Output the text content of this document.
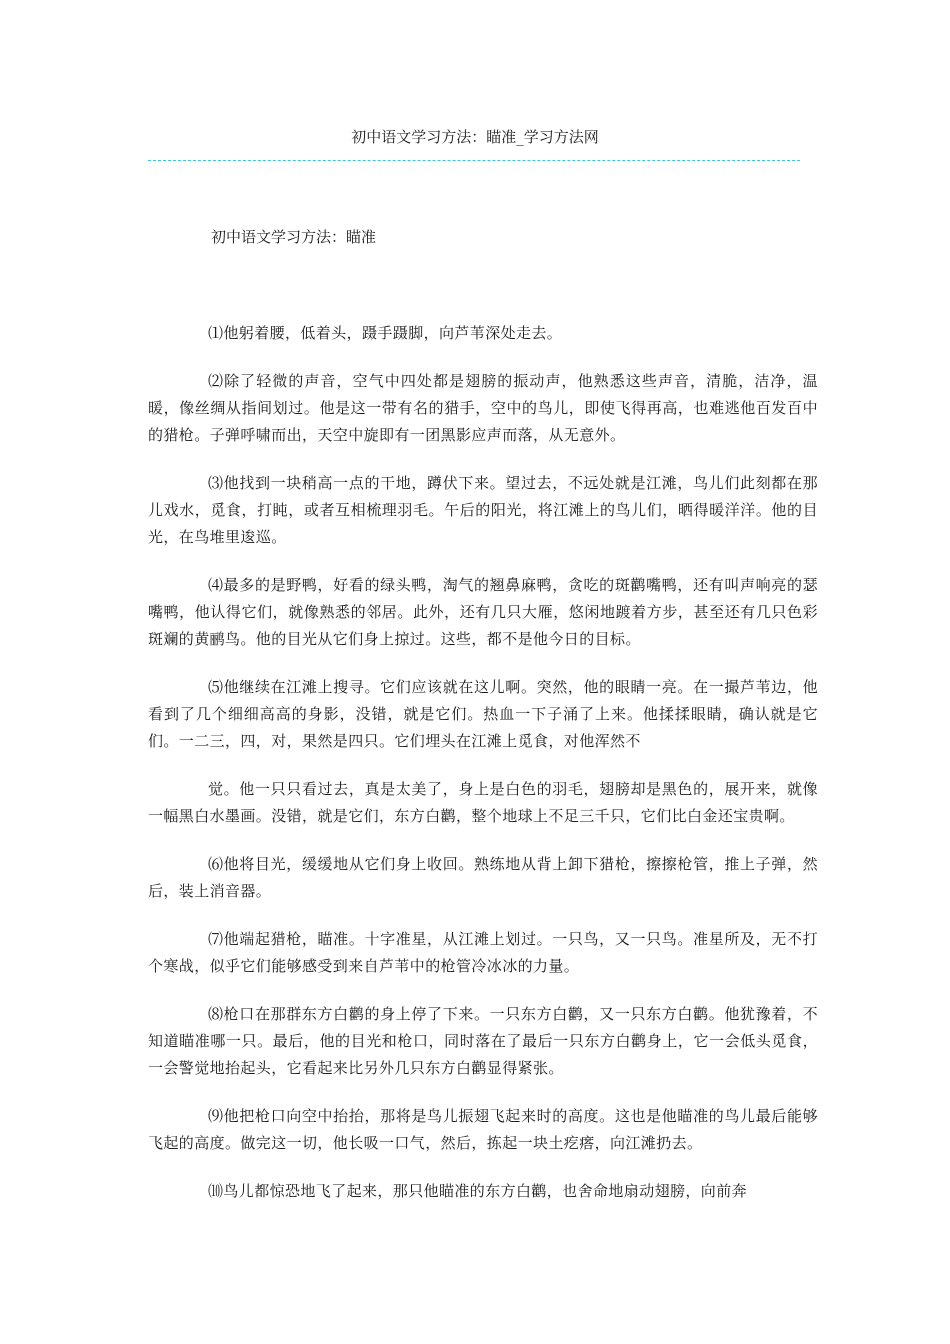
初中语文学习方法：瞄准_学习方法网
初中语文学习方法：瞄准

⑴他躬着腰，低着头，蹑手蹑脚，向芦苇深处走去。

⑵除了轻微的声音，空气中四处都是翅膀的振动声，他熟悉这些声音，清脆，洁净，温暖，像丝绸从指间划过。他是这一带有名的猎手，空中的鸟儿，即使飞得再高，也难逃他百发百中的猎枪。子弹呼啸而出，天空中旋即有一团黑影应声而落，从无意外。

⑶他找到一块稍高一点的干地，蹲伏下来。望过去，不远处就是江滩，鸟儿们此刻都在那儿戏水，觅食，打盹，或者互相梳理羽毛。午后的阳光，将江滩上的鸟儿们，晒得暖洋洋。他的目光，在鸟堆里逡巡。

⑷最多的是野鸭，好看的绿头鸭，淘气的翘鼻麻鸭，贪吃的斑鹳嘴鸭，还有叫声响亮的瑟嘴鸭，他认得它们，就像熟悉的邻居。此外，还有几只大雁，悠闲地踱着方步，甚至还有几只色彩斑斓的黄鹂鸟。他的目光从它们身上掠过。这些，都不是他今日的目标。

⑸他继续在江滩上搜寻。它们应该就在这儿啊。突然，他的眼睛一亮。在一撮芦苇边，他看到了几个细细高高的身影，没错，就是它们。热血一下子涌了上来。他揉揉眼睛，确认就是它们。一二三，四，对，果然是四只。它们埋头在江滩上觅食，对他浑然不

觉。他一只只看过去，真是太美了，身上是白色的羽毛，翅膀却是黑色的，展开来，就像一幅黑白水墨画。没错，就是它们，东方白鹳，整个地球上不足三千只，它们比白金还宝贵啊。

⑹他将目光，缓缓地从它们身上收回。熟练地从背上卸下猎枪，擦擦枪管，推上子弹，然后，装上消音器。

⑺他端起猎枪，瞄准。十字准星，从江滩上划过。一只鸟，又一只鸟。准星所及，无不打个寒战，似乎它们能够感受到来自芦苇中的枪管冷冰冰的力量。

⑻枪口在那群东方白鹳的身上停了下来。一只东方白鹳，又一只东方白鹳。他犹豫着，不知道瞄准哪一只。最后，他的目光和枪口，同时落在了最后一只东方白鹳身上，它一会低头觅食，一会警觉地抬起头，它看起来比另外几只东方白鹳显得紧张。

⑼他把枪口向空中抬抬，那将是鸟儿振翅飞起来时的高度。这也是他瞄准的鸟儿最后能够飞起的高度。做完这一切，他长吸一口气，然后，拣起一块土疙瘩，向江滩扔去。

⑽鸟儿都惊恐地飞了起来，那只他瞄准的东方白鹳，也舍命地扇动翅膀，向前奔
